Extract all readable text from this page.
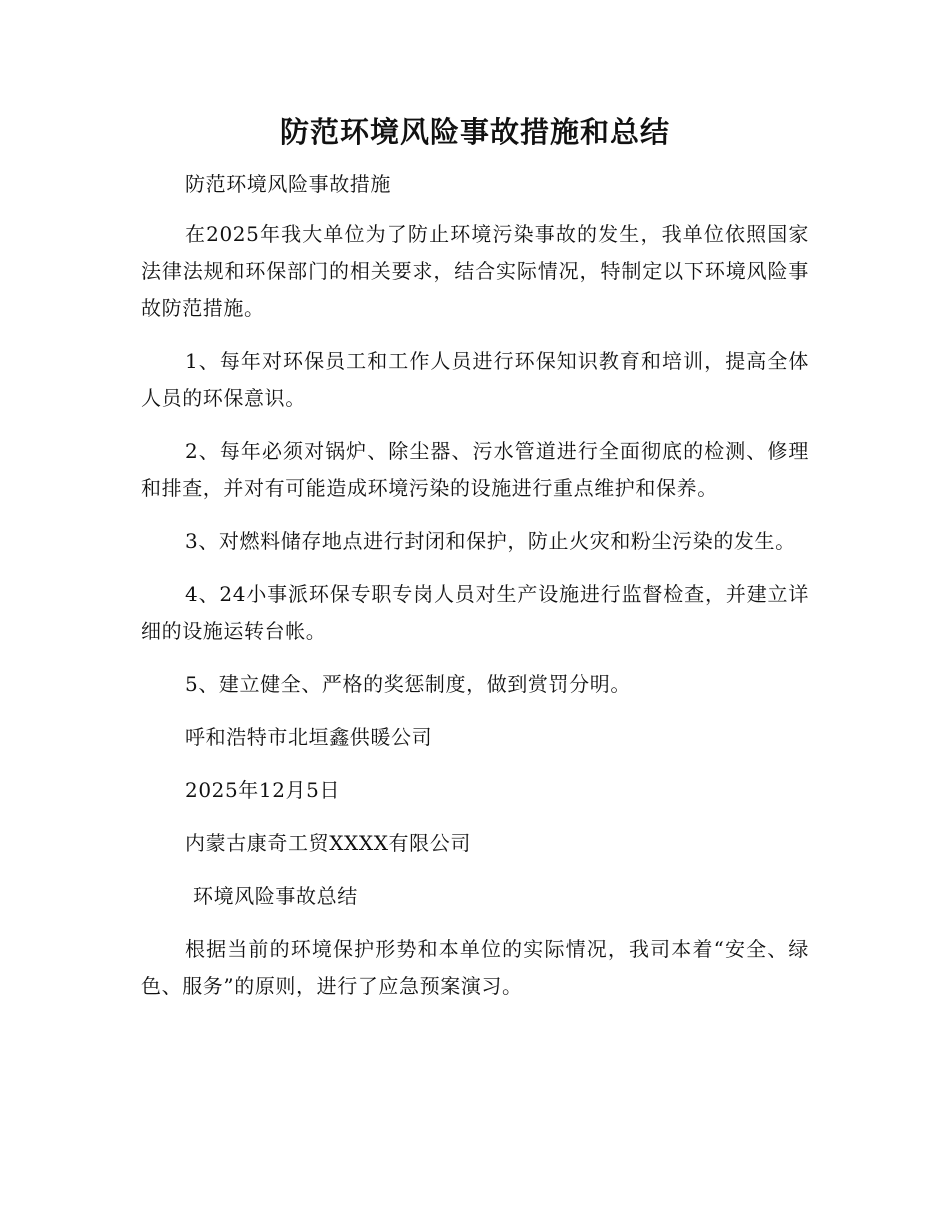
防范环境风险事故措施和总结

防范环境风险事故措施

在2025年我大单位为了防止环境污染事故的发生，我单位依照国家法律法规和环保部门的相关要求，结合实际情况，特制定以下环境风险事故防范措施。

1、每年对环保员工和工作人员进行环保知识教育和培训，提高全体人员的环保意识。

2、每年必须对锅炉、除尘器、污水管道进行全面彻底的检测、修理和排查，并对有可能造成环境污染的设施进行重点维护和保养。

3、对燃料储存地点进行封闭和保护，防止火灾和粉尘污染的发生。

4、24小事派环保专职专岗人员对生产设施进行监督检查，并建立详细的设施运转台帐。

5、建立健全、严格的奖惩制度，做到赏罚分明。

呼和浩特市北垣鑫供暖公司

2025年12月5日

内蒙古康奇工贸XXXX有限公司

环境风险事故总结

根据当前的环境保护形势和本单位的实际情况，我司本着“安全、绿色、服务”的原则，进行了应急预案演习。
